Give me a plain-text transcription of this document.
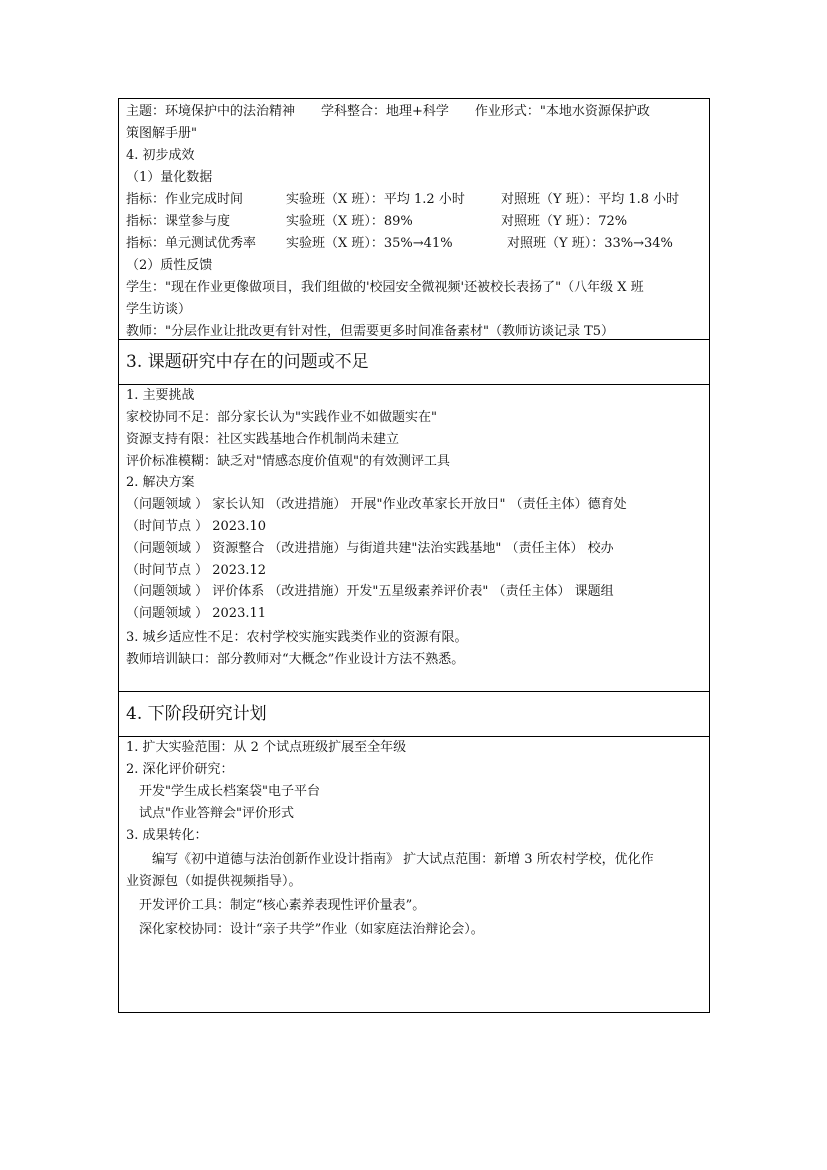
主题：环境保护中的法治精神　　学科整合：地理+科学　　作业形式："本地水资源保护政
策图解手册"
4. 初步成效
（1）量化数据
指标：作业完成时间	实验班（X 班）：平均 1.2 小时	对照班（Y 班）：平均 1.8 小时
指标：课堂参与度	实验班（X 班）：89%	对照班（Y 班）：72%
指标：单元测试优秀率 实验班（X 班）：35%→41%	对照班（Y 班）：33%→34%
（2）质性反馈
学生："现在作业更像做项目，我们组做的'校园安全微视频'还被校长表扬了"（八年级 X 班
学生访谈）
教师："分层作业让批改更有针对性，但需要更多时间准备素材"（教师访谈记录 T5）
3. 课题研究中存在的问题或不足
1. 主要挑战
家校协同不足：部分家长认为"实践作业不如做题实在"
资源支持有限：社区实践基地合作机制尚未建立
评价标准模糊：缺乏对"情感态度价值观"的有效测评工具
2. 解决方案
（问题领域 ） 家长认知 （改进措施） 开展"作业改革家长开放日" （责任主体）德育处
（时间节点 ） 2023.10
（问题领域 ） 资源整合 （改进措施）与街道共建"法治实践基地" （责任主体） 校办
（时间节点 ） 2023.12
（问题领域 ） 评价体系 （改进措施）开发"五星级素养评价表" （责任主体） 课题组
（问题领域 ） 2023.11
3. 城乡适应性不足：农村学校实施实践类作业的资源有限。
教师培训缺口：部分教师对“大概念”作业设计方法不熟悉。
4. 下阶段研究计划
1. 扩大实验范围：从 2 个试点班级扩展至全年级
2. 深化评价研究：
　开发"学生成长档案袋"电子平台
　试点"作业答辩会"评价形式
3. 成果转化：
　　编写《初中道德与法治创新作业设计指南》 扩大试点范围：新增 3 所农村学校，优化作
业资源包（如提供视频指导）。
　开发评价工具：制定“核心素养表现性评价量表”。
　深化家校协同：设计“亲子共学”作业（如家庭法治辩论会）。
